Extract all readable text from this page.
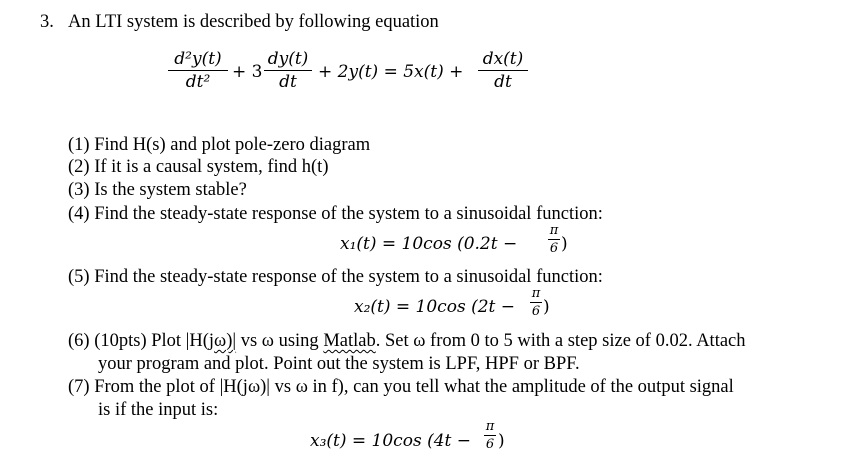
3. An LTI system is described by following equation
d²y(t)
dt²	+ 3
dy(t)
dt	+ 2y(t) = 5x(t) +
dx(t)
dt
(1) Find H(s) and plot pole-zero diagram
(2) If it is a causal system, find h(t)
(3) Is the system stable?
(4) Find the steady-state response of the system to a sinusoidal function:
x₁(t) = 10cos (0.2t −
π
6 )
(5) Find the steady-state response of the system to a sinusoidal function:
x₂(t) = 10cos (2t −
π
6 )
(6) (10pts) Plot |H(jω)| vs ω using Matlab. Set ω from 0 to 5 with a step size of 0.02. Attach
your program and plot. Point out the system is LPF, HPF or BPF.
(7) From the plot of |H(jω)| vs ω in f), can you tell what the amplitude of the output signal
is if the input is:
x₃(t) = 10cos (4t −
π
6 )
